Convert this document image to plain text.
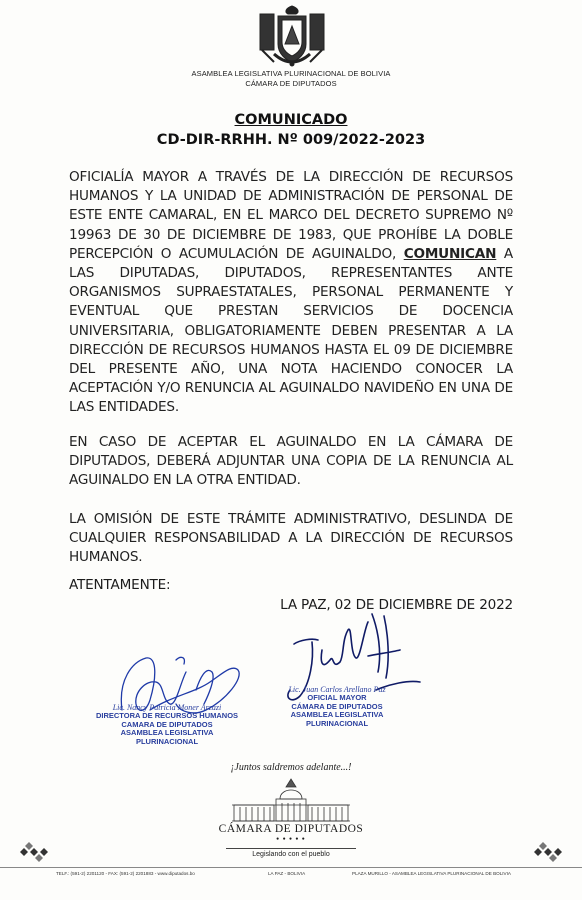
ASAMBLEA LEGISLATIVA PLURINACIONAL DE BOLIVIA
CÁMARA DE DIPUTADOS
COMUNICADO
CD-DIR-RRHH. Nº 009/2022-2023
OFICIALÍA MAYOR A TRAVÉS DE LA DIRECCIÓN DE RECURSOS HUMANOS Y LA UNIDAD DE ADMINISTRACIÓN DE PERSONAL DE ESTE ENTE CAMARAL, EN EL MARCO DEL DECRETO SUPREMO Nº 19963 DE 30 DE DICIEMBRE DE 1983, QUE PROHÍBE LA DOBLE PERCEPCIÓN O ACUMULACIÓN DE AGUINALDO, COMUNICAN A LAS DIPUTADAS, DIPUTADOS, REPRESENTANTES ANTE ORGANISMOS SUPRAESTATALES, PERSONAL PERMANENTE Y EVENTUAL QUE PRESTAN SERVICIOS DE DOCENCIA UNIVERSITARIA, OBLIGATORIAMENTE DEBEN PRESENTAR A LA DIRECCIÓN DE RECURSOS HUMANOS HASTA EL 09 DE DICIEMBRE DEL PRESENTE AÑO, UNA NOTA HACIENDO CONOCER LA ACEPTACIÓN Y/O RENUNCIA AL AGUINALDO NAVIDEÑO EN UNA DE LAS ENTIDADES.
EN CASO DE ACEPTAR EL AGUINALDO EN LA CÁMARA DE DIPUTADOS, DEBERÁ ADJUNTAR UNA COPIA DE LA RENUNCIA AL AGUINALDO EN LA OTRA ENTIDAD.
LA OMISIÓN DE ESTE TRÁMITE ADMINISTRATIVO, DESLINDA DE CUALQUIER RESPONSABILIDAD A LA DIRECCIÓN DE RECURSOS HUMANOS.
ATENTAMENTE:
LA PAZ, 02 DE DICIEMBRE DE 2022
Lic. Nancy Patricia Moner Arzazi
DIRECTORA DE RECURSOS HUMANOS
CAMARA DE DIPUTADOS
ASAMBLEA LEGISLATIVA PLURINACIONAL
Lic. Juan Carlos Arellano Paz
OFICIAL MAYOR
CÁMARA DE DIPUTADOS
ASAMBLEA LEGISLATIVA PLURINACIONAL
¡Juntos saldremos adelante...!
CÁMARA DE DIPUTADOS
● ● ● ● ●
Legislando con el pueblo
TELF.: (591-2) 2201120 - FAX: (591-2) 2201883 - www.diputados.bo	LA PAZ - BOLIVIA	PLAZA MURILLO - ASAMBLEA LEGISLATIVA PLURINACIONAL DE BOLIVIA
